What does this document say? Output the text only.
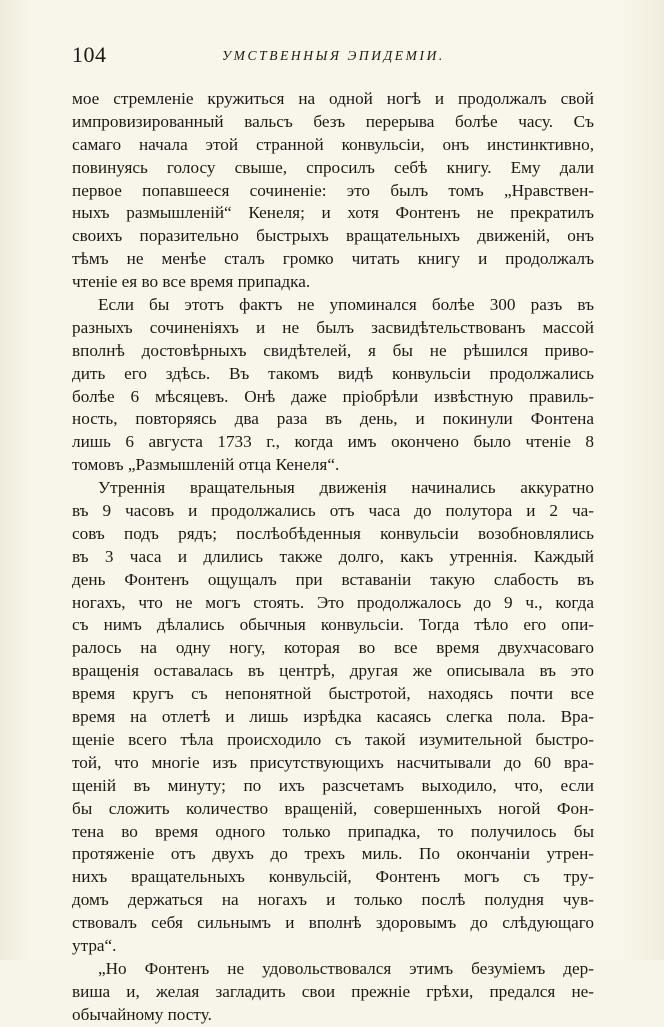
104	УМСТВЕННЫЯ ЭПИДЕМІИ.
мое стремленіе кружиться на одной ногѣ и продолжалъ свой
импровизированный вальсъ безъ перерыва болѣе часу. Съ
самаго начала этой странной конвульсіи, онъ инстинктивно,
повинуясь голосу свыше, спросилъ себѣ книгу. Ему дали
первое попавшееся сочиненіе: это былъ томъ „Нравствен-
ныхъ размышленій“ Кенеля; и хотя Фонтенъ не прекратилъ
своихъ поразительно быстрыхъ вращательныхъ движеній, онъ
тѣмъ не менѣе сталъ громко читать книгу и продолжалъ
чтеніе ея во все время припадка.
Если бы этотъ фактъ не упоминался болѣе 300 разъ въ
разныхъ сочиненіяхъ и не былъ засвидѣтельствованъ массой
вполнѣ достовѣрныхъ свидѣтелей, я бы не рѣшился приво-
дить его здѣсь. Въ такомъ видѣ конвульсіи продолжались
болѣе 6 мѣсяцевъ. Онѣ даже пріобрѣли извѣстную правиль-
ность, повторяясь два раза въ день, и покинули Фонтена
лишь 6 августа 1733 г., когда имъ окончено было чтеніе 8
томовъ „Размышленій отца Кенеля“.
Утреннія вращательныя движенія начинались аккуратно
въ 9 часовъ и продолжались отъ часа до полутора и 2 ча-
совъ подъ рядъ; послѣобѣденныя конвульсіи возобновлялись
въ 3 часа и длились также долго, какъ утреннія. Каждый
день Фонтенъ ощущалъ при вставаніи такую слабость въ
ногахъ, что не могъ стоять. Это продолжалось до 9 ч., когда
съ нимъ дѣлались обычныя конвульсіи. Тогда тѣло его опи-
ралось на одну ногу, которая во все время двухчасоваго
вращенія оставалась въ центрѣ, другая же описывала въ это
время кругъ съ непонятной быстротой, находясь почти все
время на отлетѣ и лишь изрѣдка касаясь слегка пола. Вра-
щеніе всего тѣла происходило съ такой изумительной быстро-
той, что многіе изъ присутствующихъ насчитывали до 60 вра-
щеній въ минуту; по ихъ разсчетамъ выходило, что, если
бы сложить количество вращеній, совершенныхъ ногой Фон-
тена во время одного только припадка, то получилось бы
протяженіе отъ двухъ до трехъ миль. По окончаніи утрен-
нихъ вращательныхъ конвульсій, Фонтенъ могъ съ тру-
домъ держаться на ногахъ и только послѣ полудня чув-
ствовалъ себя сильнымъ и вполнѣ здоровымъ до слѣдующаго
утра“.
„Но Фонтенъ не удовольствовался этимъ безуміемъ дер-
виша и, желая загладить свои прежніе грѣхи, предался не-
обычайному посту.
